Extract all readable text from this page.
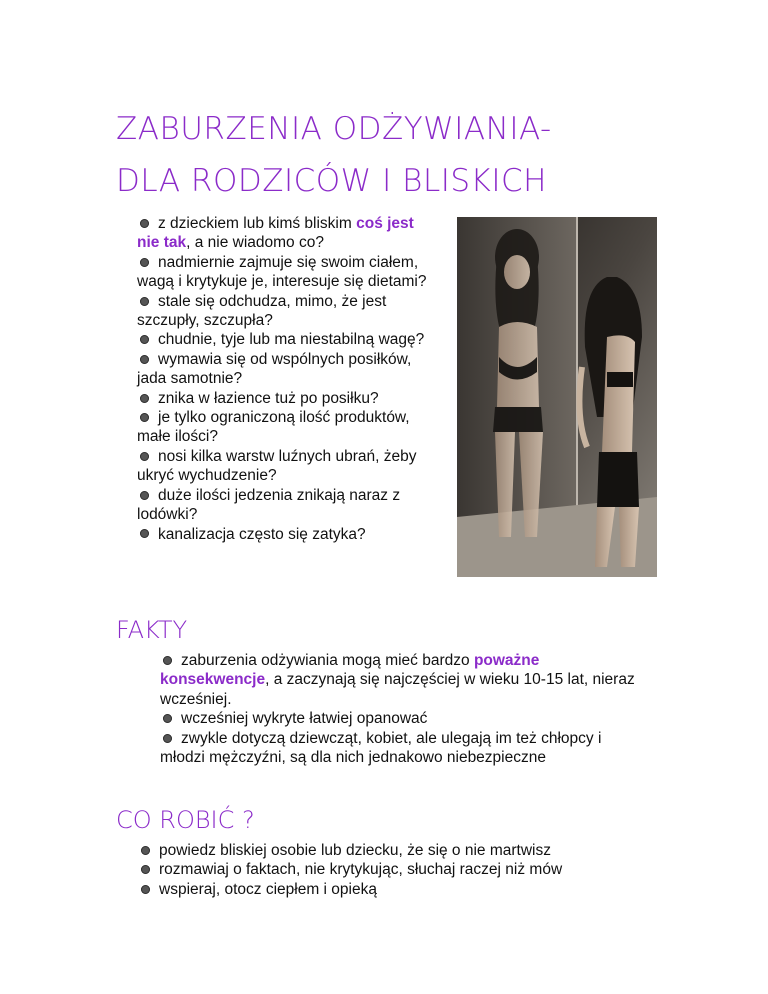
ZABURZENIA ODŻYWIANIA-
DLA RODZICÓW I BLISKICH
z dzieckiem lub kimś bliskim coś jest nie tak, a nie wiadomo co?
nadmiernie zajmuje się swoim ciałem, wagą i krytykuje je, interesuje się dietami?
stale się odchudza, mimo, że jest szczupły, szczupła?
chudnie, tyje lub ma niestabilną wagę?
wymawia się od wspólnych posiłków, jada samotnie?
znika w łazience tuż po posiłku?
je tylko ograniczoną ilość produktów, małe ilości?
nosi kilka warstw luźnych ubrań, żeby ukryć wychudzenie?
duże ilości jedzenia znikają naraz z lodówki?
kanalizacja często się zatyka?
FAKTY
zaburzenia odżywiania mogą mieć bardzo poważne konsekwencje, a zaczynają się najczęściej w wieku 10-15 lat, nieraz wcześniej.
wcześniej wykryte łatwiej opanować
zwykle dotyczą dziewcząt, kobiet, ale ulegają im też chłopcy i młodzi mężczyźni, są dla nich jednakowo niebezpieczne
CO ROBIĆ ?
powiedz bliskiej osobie lub dziecku, że się o nie martwisz
rozmawiaj o faktach, nie krytykując, słuchaj raczej niż mów
wspieraj, otocz ciepłem i opieką
